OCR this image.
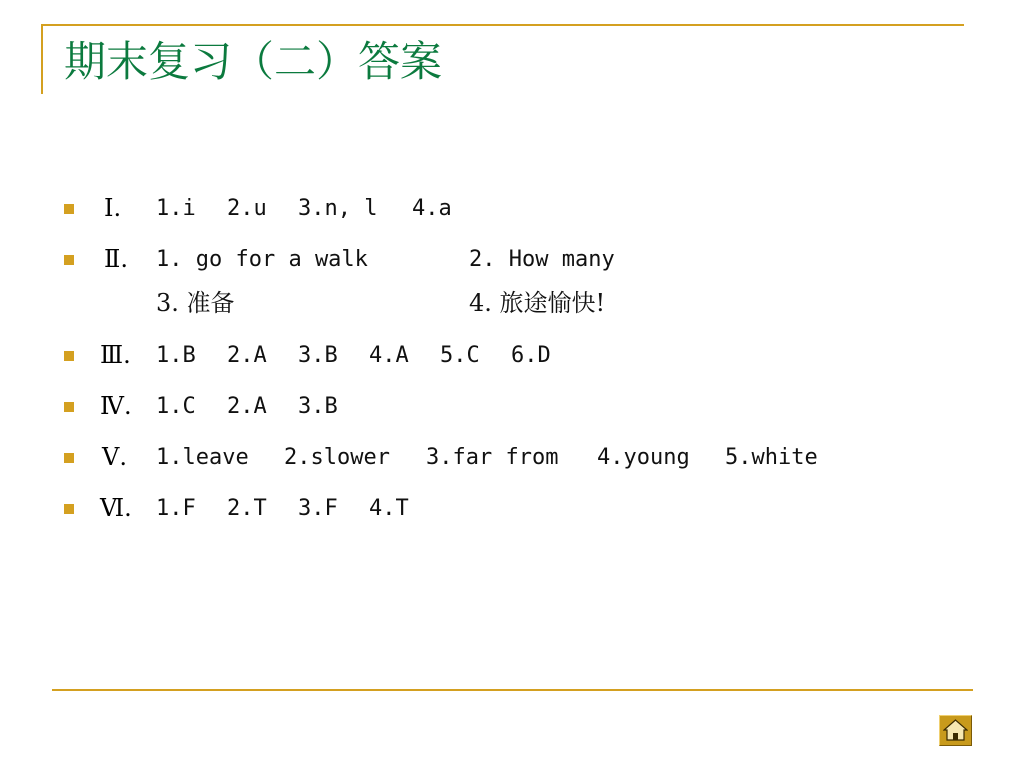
期末复习（二）答案
Ⅰ. 1.i 2.u 3.n, l 4.a
Ⅱ. 1. go for a walk	2. How many
3. 准备	4. 旅途愉快!
Ⅲ. 1.B 2.A 3.B 4.A 5.C 6.D
Ⅳ. 1.C 2.A 3.B
Ⅴ. 1.leave 2.slower 3.far from 4.young 5.white
Ⅵ. 1.F 2.T 3.F 4.T
